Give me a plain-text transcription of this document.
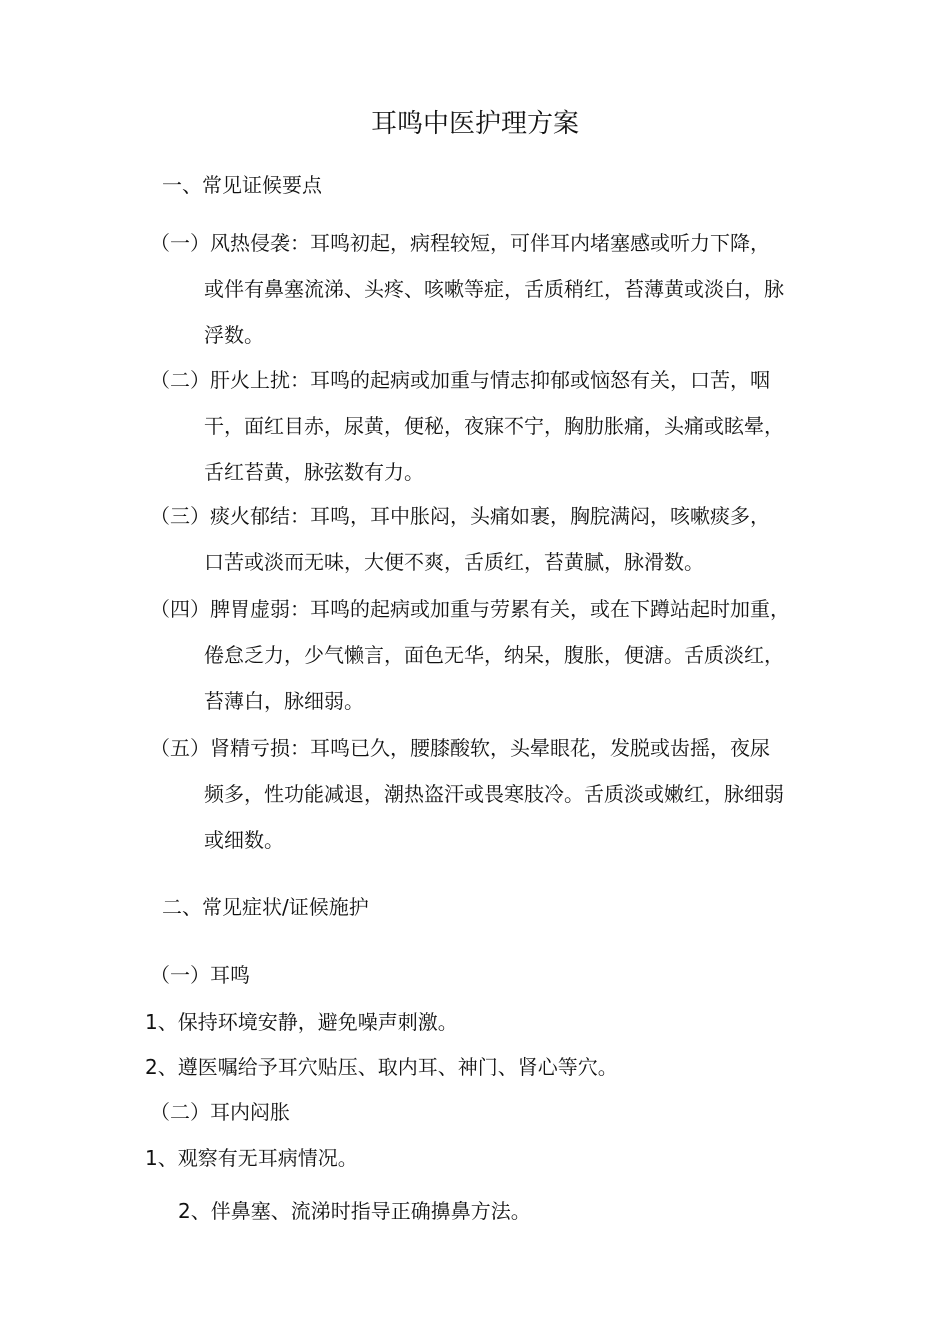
耳鸣中医护理方案
一、常见证候要点
（一）风热侵袭：耳鸣初起，病程较短，可伴耳内堵塞感或听力下降，
或伴有鼻塞流涕、头疼、咳嗽等症，舌质稍红，苔薄黄或淡白，脉
浮数。
（二）肝火上扰：耳鸣的起病或加重与情志抑郁或恼怒有关，口苦，咽
干，面红目赤，尿黄，便秘，夜寐不宁，胸肋胀痛，头痛或眩晕，
舌红苔黄，脉弦数有力。
（三）痰火郁结：耳鸣，耳中胀闷，头痛如裹，胸脘满闷，咳嗽痰多，
口苦或淡而无味，大便不爽，舌质红，苔黄腻，脉滑数。
（四）脾胃虚弱：耳鸣的起病或加重与劳累有关，或在下蹲站起时加重，
倦怠乏力，少气懒言，面色无华，纳呆，腹胀，便溏。舌质淡红，
苔薄白，脉细弱。
（五）肾精亏损：耳鸣已久，腰膝酸软，头晕眼花，发脱或齿摇，夜尿
频多，性功能减退，潮热盗汗或畏寒肢冷。舌质淡或嫩红，脉细弱
或细数。
二、常见症状/证候施护
（一）耳鸣
1、保持环境安静，避免噪声刺激。
2、遵医嘱给予耳穴贴压、取内耳、神门、肾心等穴。
（二）耳内闷胀
1、观察有无耳病情况。
2、伴鼻塞、流涕时指导正确擤鼻方法。
